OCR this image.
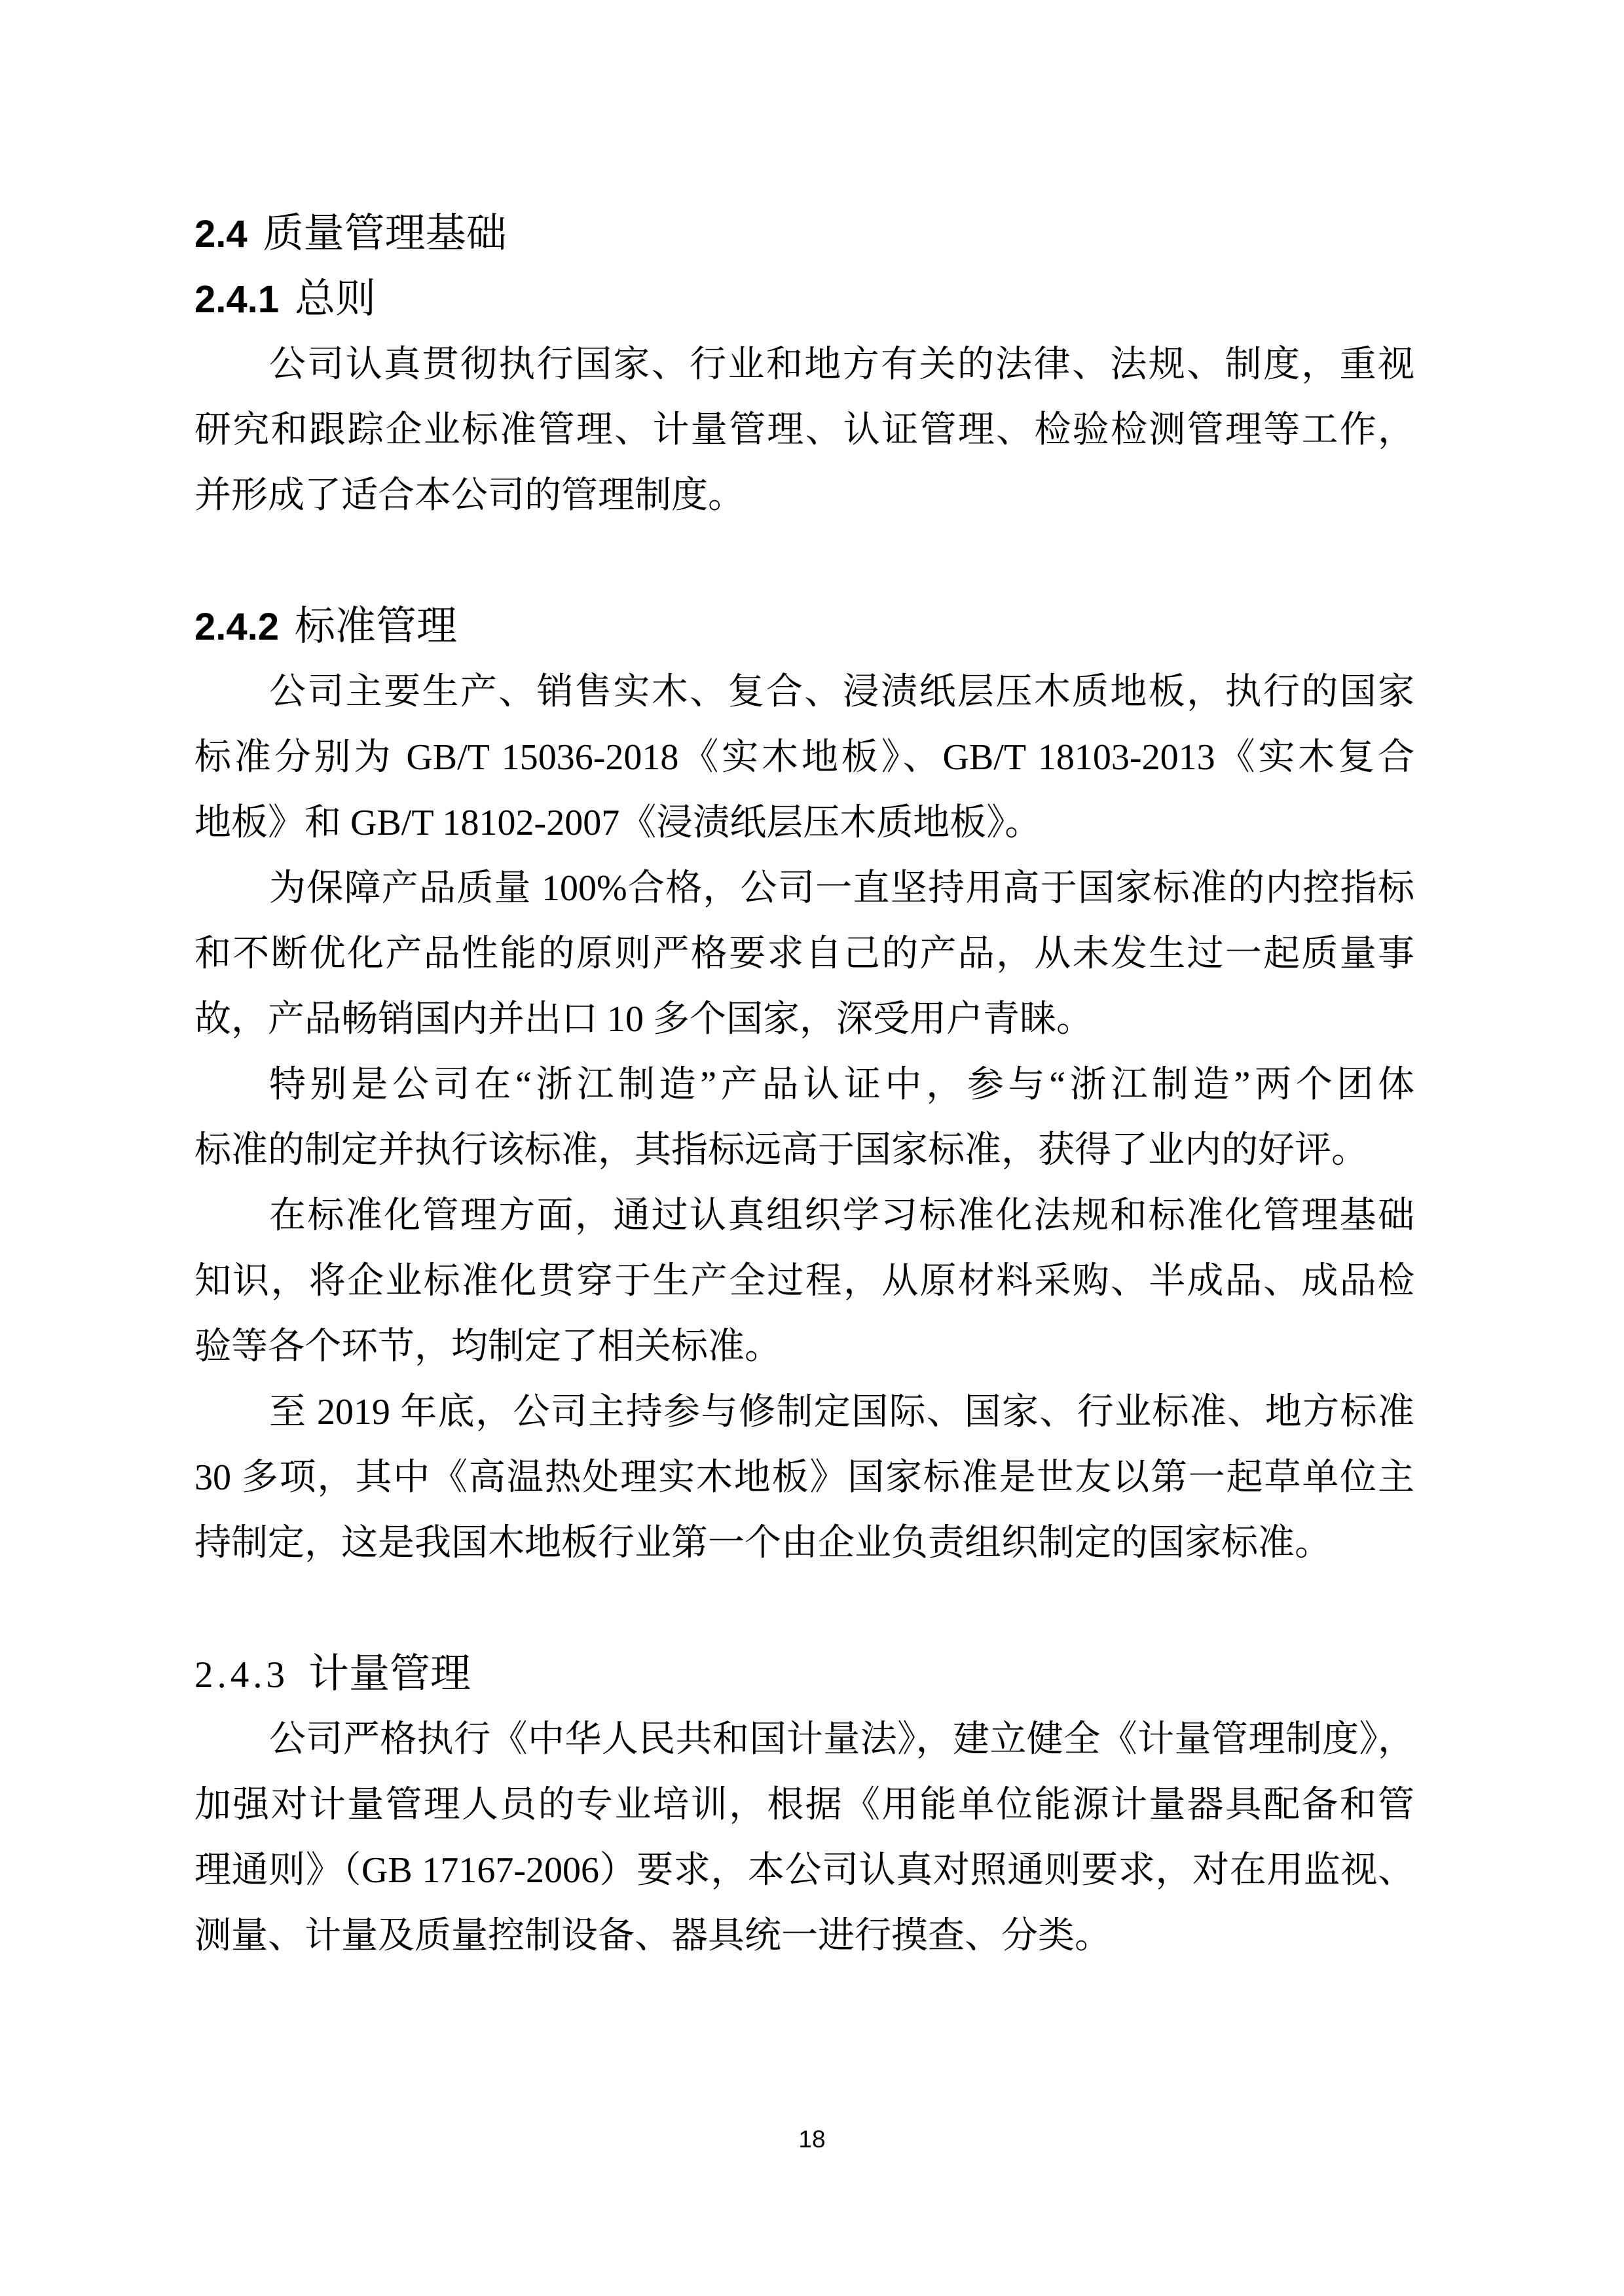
2.4 质量管理基础
2.4.1 总则
公司认真贯彻执行国家、行业和地方有关的法律、法规、制度，重视
研究和跟踪企业标准管理、计量管理、认证管理、检验检测管理等工作，
并形成了适合本公司的管理制度。
2.4.2 标准管理
公司主要生产、销售实木、复合、浸渍纸层压木质地板，执行的国家
标准分别为 GB/T 15036-2018《实木地板》、GB/T 18103-2013《实木复合
地板》和 GB/T 18102-2007《浸渍纸层压木质地板》。
为保障产品质量 100%合格，公司一直坚持用高于国家标准的内控指标
和不断优化产品性能的原则严格要求自己的产品，从未发生过一起质量事
故，产品畅销国内并出口 10 多个国家，深受用户青睐。
特别是公司在“浙江制造”产品认证中，参与“浙江制造”两个团体
标准的制定并执行该标准，其指标远高于国家标准，获得了业内的好评。
在标准化管理方面，通过认真组织学习标准化法规和标准化管理基础
知识，将企业标准化贯穿于生产全过程，从原材料采购、半成品、成品检
验等各个环节，均制定了相关标准。
至 2019 年底，公司主持参与修制定国际、国家、行业标准、地方标准
30 多项，其中《高温热处理实木地板》国家标准是世友以第一起草单位主
持制定，这是我国木地板行业第一个由企业负责组织制定的国家标准。
2.4.3 计量管理
公司严格执行《中华人民共和国计量法》，建立健全《计量管理制度》，
加强对计量管理人员的专业培训，根据《用能单位能源计量器具配备和管
理通则》（GB 17167-2006）要求，本公司认真对照通则要求，对在用监视、
测量、计量及质量控制设备、器具统一进行摸查、分类。
18
